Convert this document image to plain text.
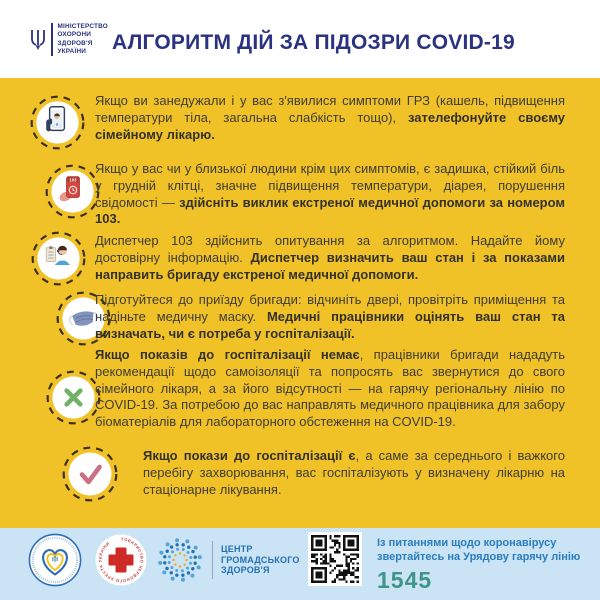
МІНІСТЕРСТВО
ОХОРОНИ
ЗДОРОВ'Я
УКРАЇНИ	АЛГОРИТМ ДІЙ ЗА ПІДОЗРИ COVID-19

Якщо ви занедужали і у вас з'явилися симптоми ГРЗ (кашель, підвищення температури тіла, загальна слабкість тощо), зателефонуйте своєму сімейному лікарю.

103

Якщо у вас чи у близької людини крім цих симптомів, є задишка, стійкий біль у грудній клітці, значне підвищення температури, діарея, порушення свідомості — здійсніть виклик екстреної медичної допомоги за номером 103.

Диспетчер 103 здійснить опитування за алгоритмом. Надайте йому достовірну інформацію. Диспетчер визначить ваш стан і за показами направить бригаду екстреної медичної допомоги.

Підготуйтеся до приїзду бригади: відчиніть двері, провітріть приміщення та надіньте медичну маску. Медичні працівники оцінять ваш стан та визначать, чи є потреба у госпіталізації.

Якщо показів до госпіталізації немає, працівники бригади нададуть рекомендації щодо самоізоляції та попросять вас звернутися до свого сімейного лікаря, а за його відсутності — на гарячу регіональну лінію по COVID-19. За потребою до вас направлять медичного працівника для забору біоматеріалів для лабораторного обстеження на COVID-19.

Якщо покази до госпіталізації є, а саме за середнього і важкого перебігу захворювання, вас госпіталізують у визначену лікарню на стаціонарне лікування.

ТОВАРИСТВО ЧЕРВОНОГО ХРЕСТА УКРАЇНИ
ЦЕНТР
ГРОМАДСЬКОГО
ЗДОРОВ'Я
Із питаннями щодо коронавірусу
звертайтесь на Урядову гарячу лінію
1545
